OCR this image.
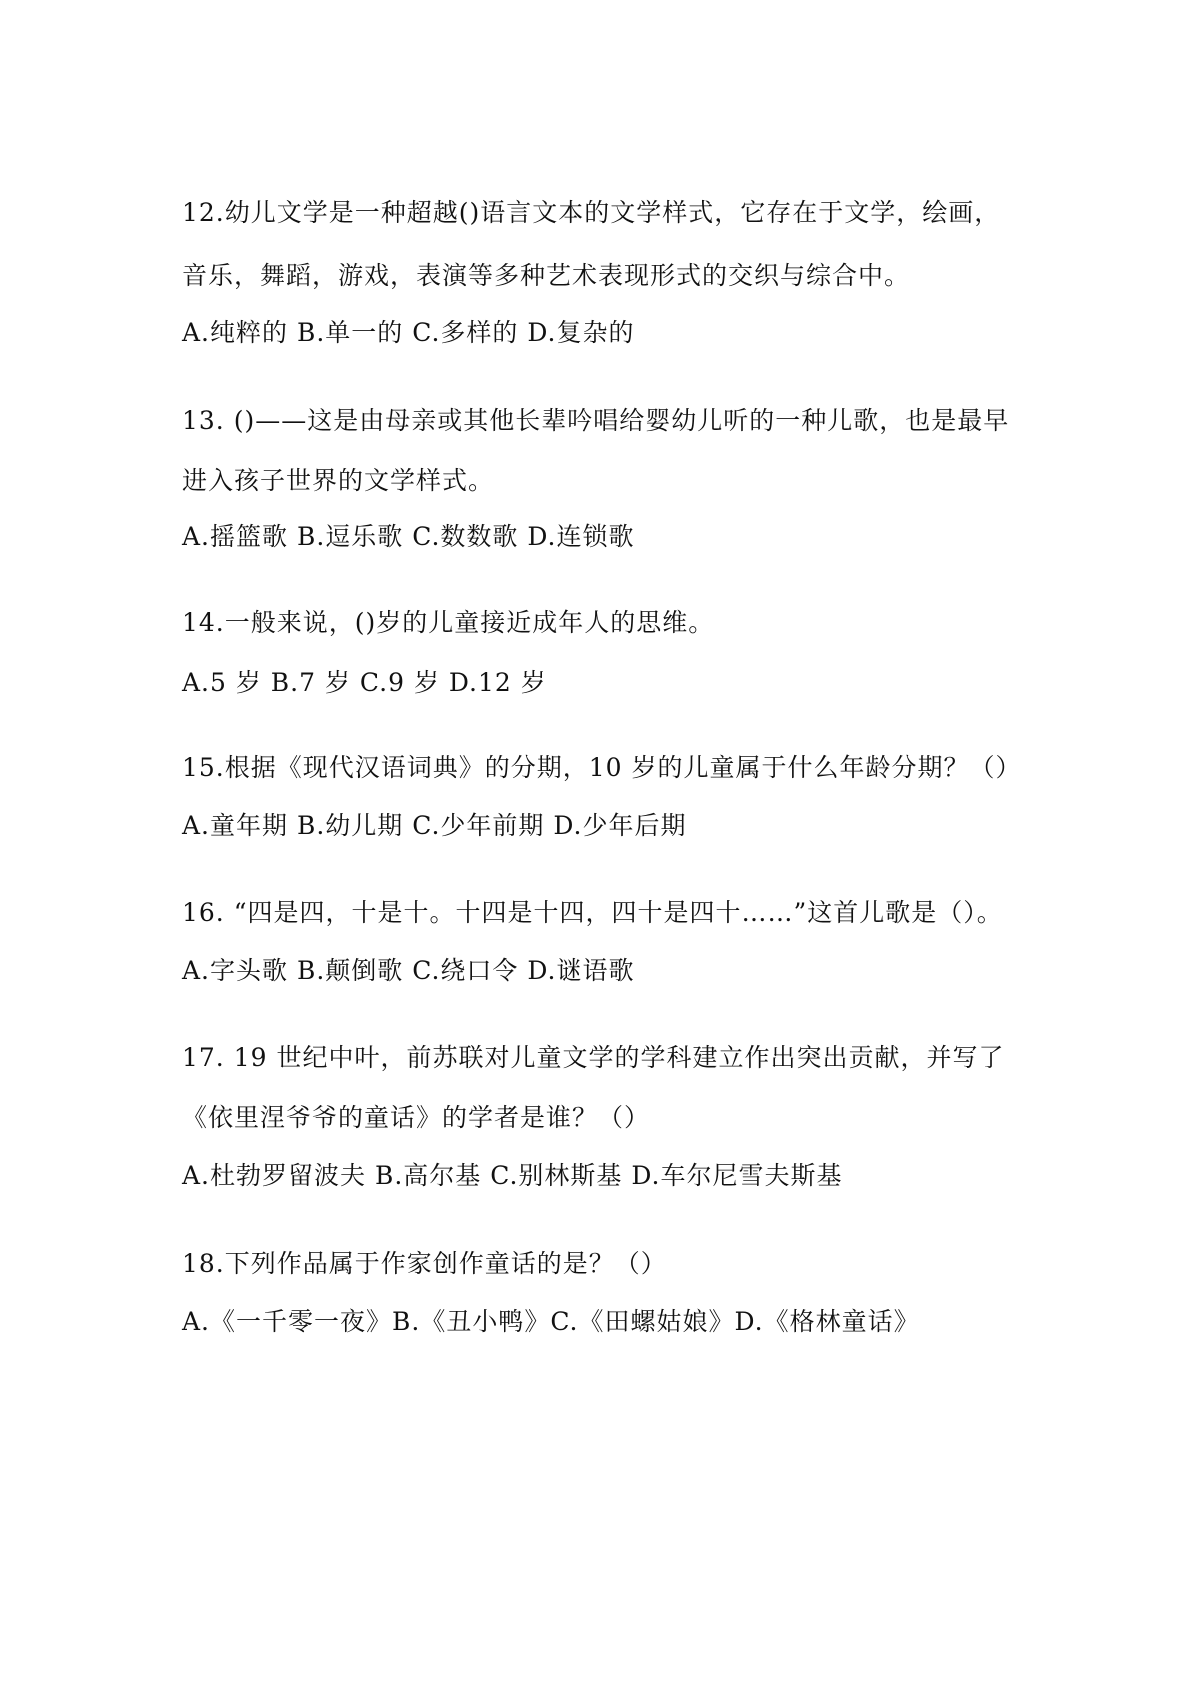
12.幼儿文学是一种超越()语言文本的文学样式，它存在于文学，绘画，
音乐，舞蹈，游戏，表演等多种艺术表现形式的交织与综合中。
A.纯粹的 B.单一的 C.多样的 D.复杂的
13. ()——这是由母亲或其他长辈吟唱给婴幼儿听的一种儿歌，也是最早
进入孩子世界的文学样式。
A.摇篮歌 B.逗乐歌 C.数数歌 D.连锁歌
14.一般来说，()岁的儿童接近成年人的思维。
A.5 岁 B.7 岁 C.9 岁 D.12 岁
15.根据《现代汉语词典》的分期，10 岁的儿童属于什么年龄分期？（）
A.童年期 B.幼儿期 C.少年前期 D.少年后期
16. “四是四，十是十。十四是十四，四十是四十……”这首儿歌是（）。
A.字头歌 B.颠倒歌 C.绕口令 D.谜语歌
17. 19 世纪中叶，前苏联对儿童文学的学科建立作出突出贡献，并写了
《依里涅爷爷的童话》的学者是谁？（）
A.杜勃罗留波夫 B.高尔基 C.别林斯基 D.车尔尼雪夫斯基
18.下列作品属于作家创作童话的是？（）
A.《一千零一夜》B.《丑小鸭》C.《田螺姑娘》D.《格林童话》
